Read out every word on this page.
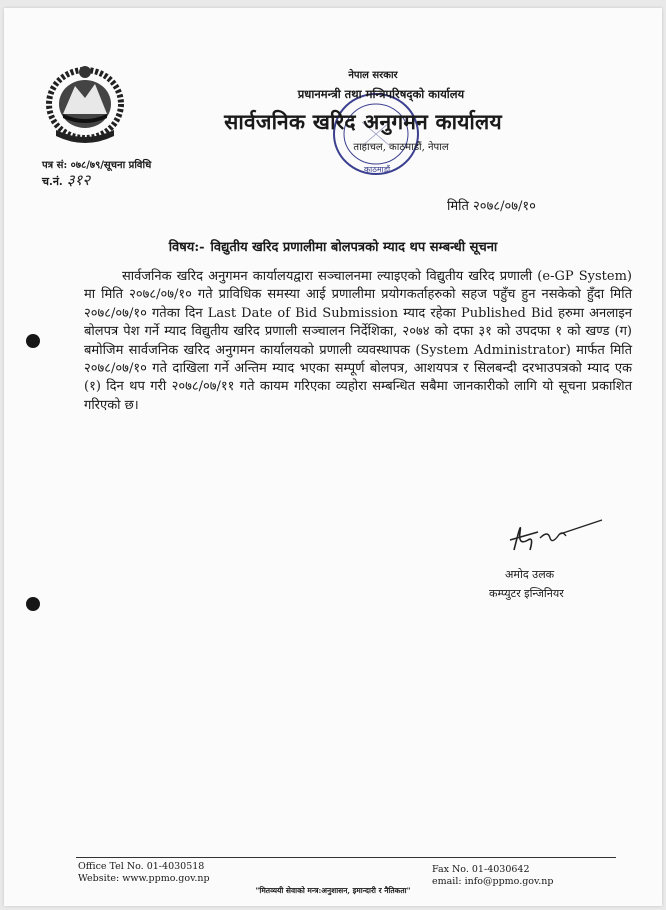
काठमाडौं
नेपाल सरकार
प्रधानमन्त्री तथा मन्त्रिपरिषद्‌को कार्यालय
सार्वजनिक खरिद अनुगमन कार्यालय
ताहाचल, काठमाडौं, नेपाल
पत्र सं: ०७८/७९/सूचना प्रविधि
च.नं. ३१२
मिति २०७८/०७/१०
विषय:- विद्युतीय खरिद प्रणालीमा बोलपत्रको म्याद थप सम्बन्धी सूचना
सार्वजनिक खरिद अनुगमन कार्यालयद्वारा सञ्चालनमा ल्याइएको विद्युतीय खरिद प्रणाली (e-GP System) मा मिति २०७८/०७/१० गते प्राविधिक समस्या आई प्रणालीमा प्रयोगकर्ताहरुको सहज पहुँच हुन नसकेको हुँदा मिति २०७८/०७/१० गतेका दिन Last Date of Bid Submission म्याद रहेका Published Bid हरुमा अनलाइन बोलपत्र पेश गर्ने म्याद विद्युतीय खरिद प्रणाली सञ्चालन निर्देशिका, २०७४ को दफा ३१ को उपदफा १ को खण्ड (ग) बमोजिम सार्वजनिक खरिद अनुगमन कार्यालयको प्रणाली व्यवस्थापक (System Administrator) मार्फत मिति २०७८/०७/१० गते दाखिला गर्ने अन्तिम म्याद भएका सम्पूर्ण बोलपत्र, आशयपत्र र सिलबन्दी दरभाउपत्रको म्याद एक (१) दिन थप गरी २०७८/०७/११ गते कायम गरिएका व्यहोरा सम्बन्धित सबैमा जानकारीको लागि यो सूचना प्रकाशित गरिएको छ।
अमोद उलक
कम्प्युटर इन्जिनियर
Office Tel No. 01-4030518
Website: www.ppmo.gov.np
Fax No. 01-4030642
email: info@ppmo.gov.np
"मितव्ययी सेवाको मन्त्र:अनुशासन, इमान्दारी र नैतिकता"
